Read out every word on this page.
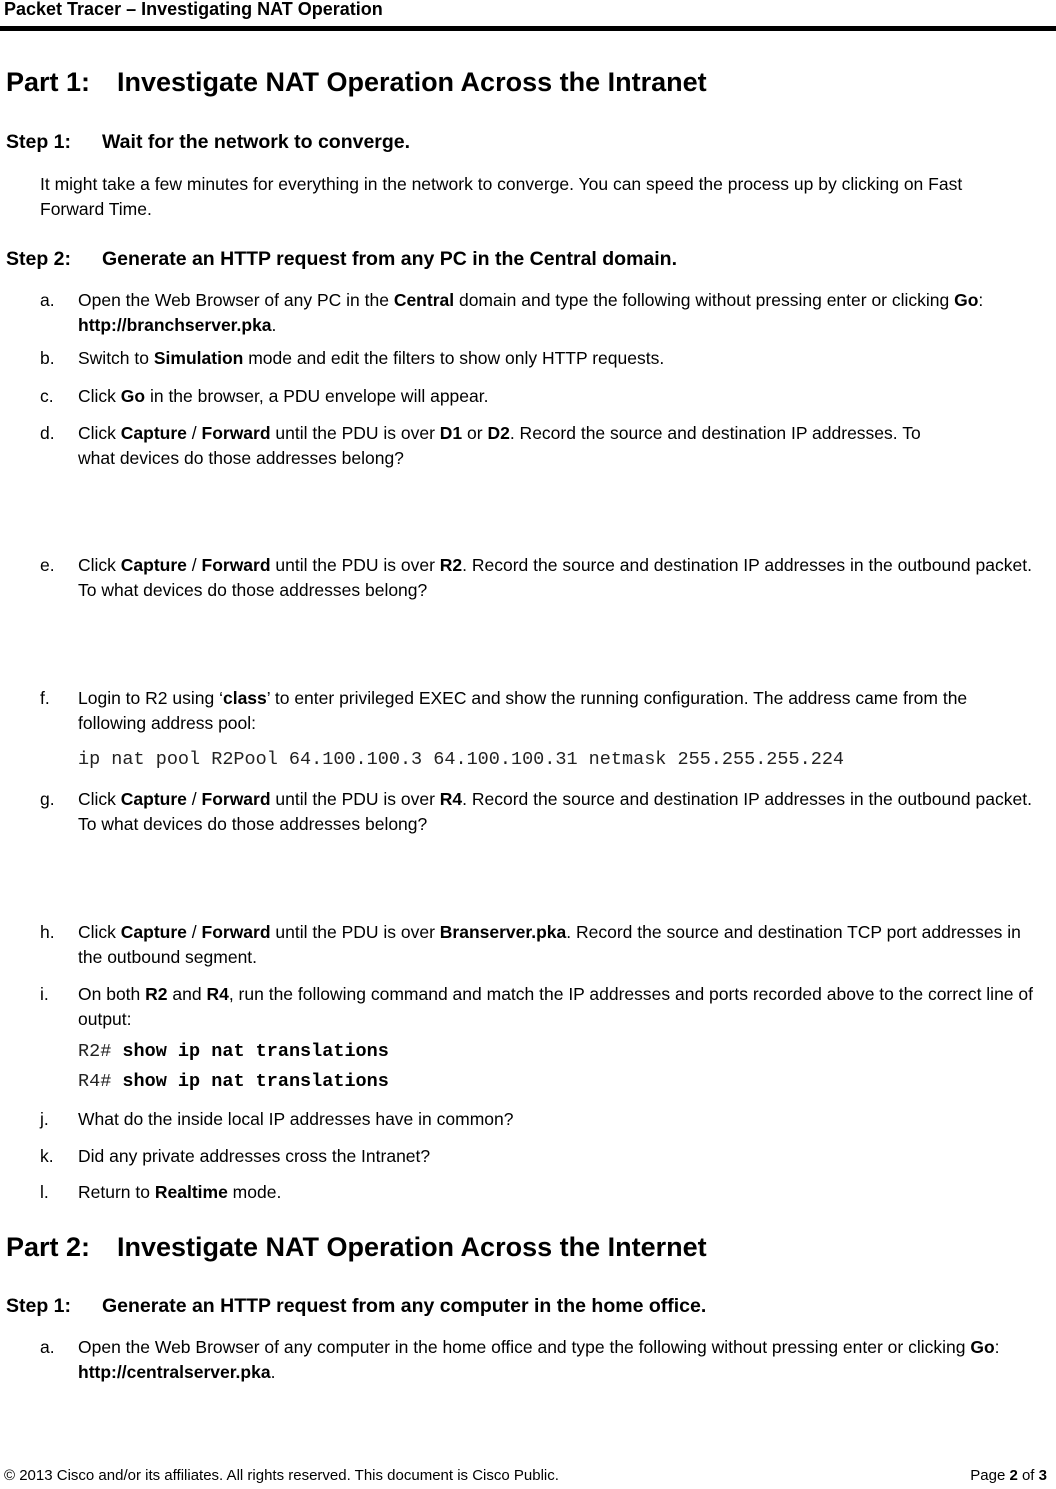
Packet Tracer – Investigating NAT Operation
Part 1: Investigate NAT Operation Across the Intranet
Step 1: Wait for the network to converge.
It might take a few minutes for everything in the network to converge. You can speed the process up by clicking on Fast Forward Time.
Step 2: Generate an HTTP request from any PC in the Central domain.
a. Open the Web Browser of any PC in the Central domain and type the following without pressing enter or clicking Go: http://branchserver.pka.
b. Switch to Simulation mode and edit the filters to show only HTTP requests.
c. Click Go in the browser, a PDU envelope will appear.
d. Click Capture / Forward until the PDU is over D1 or D2. Record the source and destination IP addresses. To what devices do those addresses belong?
e. Click Capture / Forward until the PDU is over R2. Record the source and destination IP addresses in the outbound packet. To what devices do those addresses belong?
f. Login to R2 using ‘class’ to enter privileged EXEC and show the running configuration. The address came from the following address pool:
ip nat pool R2Pool 64.100.100.3 64.100.100.31 netmask 255.255.255.224
g. Click Capture / Forward until the PDU is over R4. Record the source and destination IP addresses in the outbound packet. To what devices do those addresses belong?
h. Click Capture / Forward until the PDU is over Branserver.pka. Record the source and destination TCP port addresses in the outbound segment.
i. On both R2 and R4, run the following command and match the IP addresses and ports recorded above to the correct line of output:
R2# show ip nat translations
R4# show ip nat translations
j. What do the inside local IP addresses have in common?
k. Did any private addresses cross the Intranet?
l. Return to Realtime mode.
Part 2: Investigate NAT Operation Across the Internet
Step 1: Generate an HTTP request from any computer in the home office.
a. Open the Web Browser of any computer in the home office and type the following without pressing enter or clicking Go: http://centralserver.pka.
© 2013 Cisco and/or its affiliates. All rights reserved. This document is Cisco Public.	Page 2 of 3
